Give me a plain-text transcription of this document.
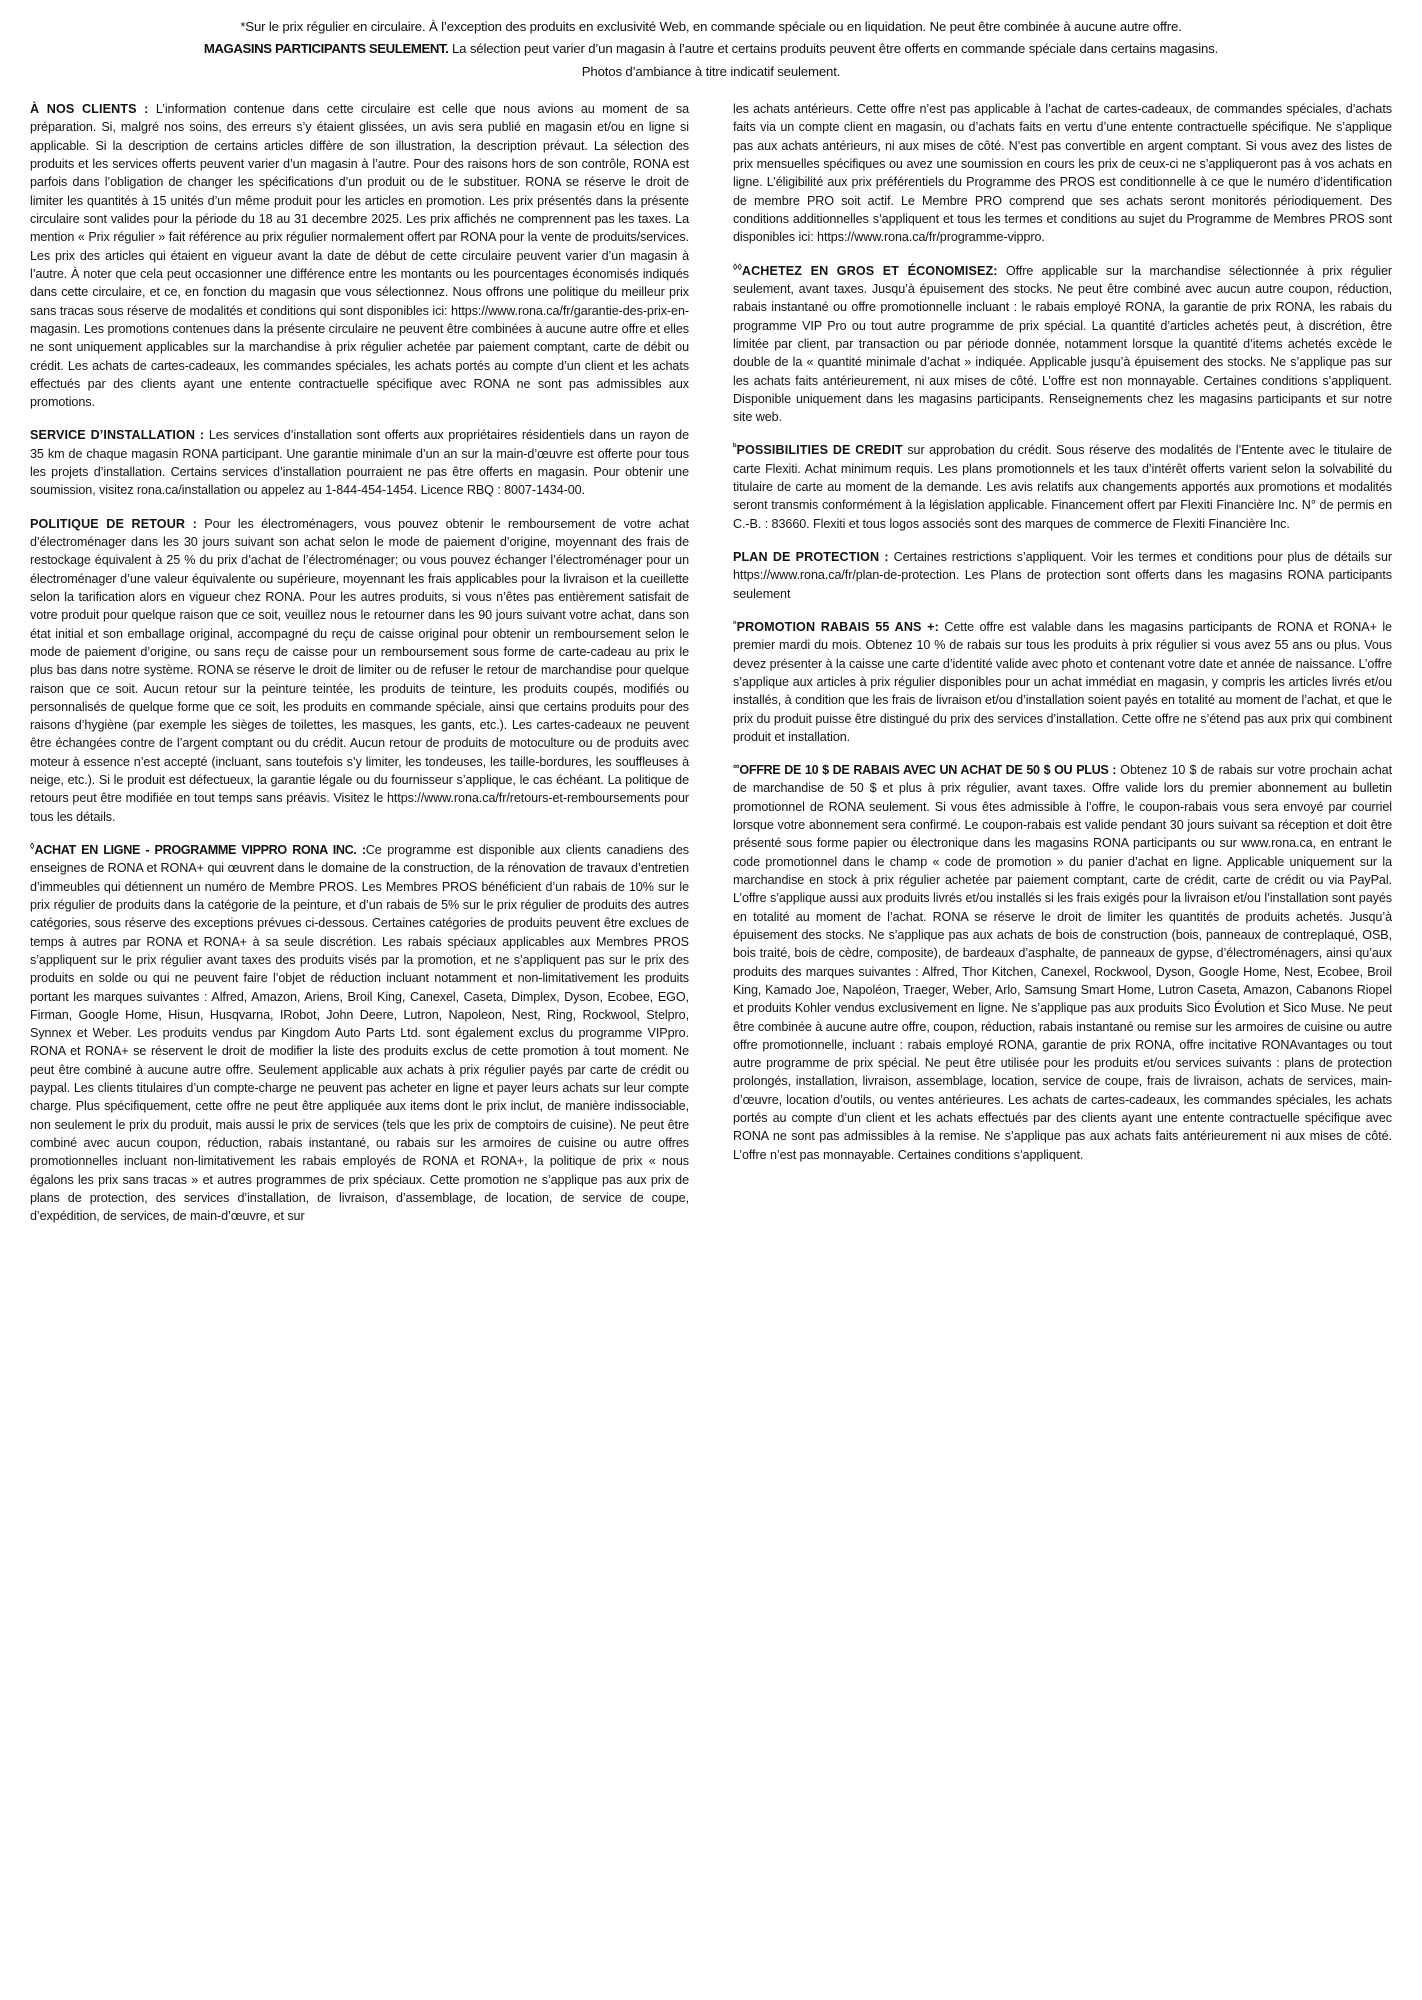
*Sur le prix régulier en circulaire. À l’exception des produits en exclusivité Web, en commande spéciale ou en liquidation. Ne peut être combinée à aucune autre offre.

MAGASINS PARTICIPANTS SEULEMENT. La sélection peut varier d’un magasin à l’autre et certains produits peuvent être offerts en commande spéciale dans certains magasins.

Photos d’ambiance à titre indicatif seulement.

À NOS CLIENTS : L’information contenue dans cette circulaire est celle que nous avions au moment de sa préparation. Si, malgré nos soins, des erreurs s’y étaient glissées, un avis sera publié en magasin et/ou en ligne si applicable. Si la description de certains articles diffère de son illustration, la description prévaut. La sélection des produits et les services offerts peuvent varier d’un magasin à l’autre. Pour des raisons hors de son contrôle, RONA est parfois dans l’obligation de changer les spécifications d’un produit ou de le substituer. RONA se réserve le droit de limiter les quantités à 15 unités d’un même produit pour les articles en promotion. Les prix présentés dans la présente circulaire sont valides pour la période du 18 au 31 decembre 2025. Les prix affichés ne comprennent pas les taxes. La mention « Prix régulier » fait référence au prix régulier normalement offert par RONA pour la vente de produits/services. Les prix des articles qui étaient en vigueur avant la date de début de cette circulaire peuvent varier d’un magasin à l’autre. À noter que cela peut occasionner une différence entre les montants ou les pourcentages économisés indiqués dans cette circulaire, et ce, en fonction du magasin que vous sélectionnez. Nous offrons une politique du meilleur prix sans tracas sous réserve de modalités et conditions qui sont disponibles ici: https://www.rona.ca/fr/garantie-des-prix-en-magasin. Les promotions contenues dans la présente circulaire ne peuvent être combinées à aucune autre offre et elles ne sont uniquement applicables sur la marchandise à prix régulier achetée par paiement comptant, carte de débit ou crédit. Les achats de cartes-cadeaux, les commandes spéciales, les achats portés au compte d’un client et les achats effectués par des clients ayant une entente contractuelle spécifique avec RONA ne sont pas admissibles aux promotions.

SERVICE D’INSTALLATION : Les services d’installation sont offerts aux propriétaires résidentiels dans un rayon de 35 km de chaque magasin RONA participant. Une garantie minimale d’un an sur la main-d’œuvre est offerte pour tous les projets d’installation. Certains services d’installation pourraient ne pas être offerts en magasin. Pour obtenir une soumission, visitez rona.ca/installation ou appelez au 1-844-454-1454. Licence RBQ : 8007-1434-00.

POLITIQUE DE RETOUR : Pour les électroménagers, vous pouvez obtenir le remboursement de votre achat d’électroménager dans les 30 jours suivant son achat selon le mode de paiement d’origine, moyennant des frais de restockage équivalent à 25 % du prix d’achat de l’électroménager; ou vous pouvez échanger l’électroménager pour un électroménager d’une valeur équivalente ou supérieure, moyennant les frais applicables pour la livraison et la cueillette selon la tarification alors en vigueur chez RONA. Pour les autres produits, si vous n’êtes pas entièrement satisfait de votre produit pour quelque raison que ce soit, veuillez nous le retourner dans les 90 jours suivant votre achat, dans son état initial et son emballage original, accompagné du reçu de caisse original pour obtenir un remboursement selon le mode de paiement d’origine, ou sans reçu de caisse pour un remboursement sous forme de carte-cadeau au prix le plus bas dans notre système. RONA se réserve le droit de limiter ou de refuser le retour de marchandise pour quelque raison que ce soit. Aucun retour sur la peinture teintée, les produits de teinture, les produits coupés, modifiés ou personnalisés de quelque forme que ce soit, les produits en commande spéciale, ainsi que certains produits pour des raisons d’hygiène (par exemple les sièges de toilettes, les masques, les gants, etc.). Les cartes-cadeaux ne peuvent être échangées contre de l’argent comptant ou du crédit. Aucun retour de produits de motoculture ou de produits avec moteur à essence n’est accepté (incluant, sans toutefois s’y limiter, les tondeuses, les taille-bordures, les souffleuses à neige, etc.). Si le produit est défectueux, la garantie légale ou du fournisseur s’applique, le cas échéant. La politique de retours peut être modifiée en tout temps sans préavis. Visitez le https://www.rona.ca/fr/retours-et-remboursements pour tous les détails.

◊ACHAT EN LIGNE - PROGRAMME VIPPRO RONA INC. :Ce programme est disponible aux clients canadiens des enseignes de RONA et RONA+ qui œuvrent dans le domaine de la construction, de la rénovation de travaux d’entretien d’immeubles qui détiennent un numéro de Membre PROS. Les Membres PROS bénéficient d’un rabais de 10% sur le prix régulier de produits dans la catégorie de la peinture, et d’un rabais de 5% sur le prix régulier de produits des autres catégories, sous réserve des exceptions prévues ci-dessous. Certaines catégories de produits peuvent être exclues de temps à autres par RONA et RONA+ à sa seule discrétion. Les rabais spéciaux applicables aux Membres PROS s’appliquent sur le prix régulier avant taxes des produits visés par la promotion, et ne s’appliquent pas sur le prix des produits en solde ou qui ne peuvent faire l’objet de réduction incluant notamment et non-limitativement les produits portant les marques suivantes : Alfred, Amazon, Ariens, Broil King, Canexel, Caseta, Dimplex, Dyson, Ecobee, EGO, Firman, Google Home, Hisun, Husqvarna, IRobot, John Deere, Lutron, Napoleon, Nest, Ring, Rockwool, Stelpro, Synnex et Weber. Les produits vendus par Kingdom Auto Parts Ltd. sont également exclus du programme VIPpro. RONA et RONA+ se réservent le droit de modifier la liste des produits exclus de cette promotion à tout moment. Ne peut être combiné à aucune autre offre. Seulement applicable aux achats à prix régulier payés par carte de crédit ou paypal. Les clients titulaires d’un compte-charge ne peuvent pas acheter en ligne et payer leurs achats sur leur compte charge. Plus spécifiquement, cette offre ne peut être appliquée aux items dont le prix inclut, de manière indissociable, non seulement le prix du produit, mais aussi le prix de services (tels que les prix de comptoirs de cuisine). Ne peut être combiné avec aucun coupon, réduction, rabais instantané, ou rabais sur les armoires de cuisine ou autre offres promotionnelles incluant non-limitativement les rabais employés de RONA et RONA+, la politique de prix « nous égalons les prix sans tracas » et autres programmes de prix spéciaux. Cette promotion ne s’applique pas aux prix de plans de protection, des services d’installation, de livraison, d’assemblage, de location, de service de coupe, d’expédition, de services, de main-d’œuvre, et sur

les achats antérieurs. Cette offre n’est pas applicable à l’achat de cartes-cadeaux, de commandes spéciales, d’achats faits via un compte client en magasin, ou d’achats faits en vertu d’une entente contractuelle spécifique. Ne s’applique pas aux achats antérieurs, ni aux mises de côté. N’est pas convertible en argent comptant. Si vous avez des listes de prix mensuelles spécifiques ou avez une soumission en cours les prix de ceux-ci ne s’appliqueront pas à vos achats en ligne. L’éligibilité aux prix préférentiels du Programme des PROS est conditionnelle à ce que le numéro d’identification de membre PRO soit actif. Le Membre PRO comprend que ses achats seront monitorés périodiquement. Des conditions additionnelles s’appliquent et tous les termes et conditions au sujet du Programme de Membres PROS sont disponibles ici: https://www.rona.ca/fr/programme-vippro.

◊◊ACHETEZ EN GROS ET ÉCONOMISEZ: Offre applicable sur la marchandise sélectionnée à prix régulier seulement, avant taxes. Jusqu’à épuisement des stocks. Ne peut être combiné avec aucun autre coupon, réduction, rabais instantané ou offre promotionnelle incluant : le rabais employé RONA, la garantie de prix RONA, les rabais du programme VIP Pro ou tout autre programme de prix spécial. La quantité d’articles achetés peut, à discrétion, être limitée par client, par transaction ou par période donnée, notamment lorsque la quantité d’items achetés excède le double de la « quantité minimale d’achat » indiquée. Applicable jusqu’à épuisement des stocks. Ne s’applique pas sur les achats faits antérieurement, ni aux mises de côté. L’offre est non monnayable. Certaines conditions s’appliquent. Disponible uniquement dans les magasins participants. Renseignements chez les magasins participants et sur notre site web.

$^ᵇ$POSSIBILITIES DE CREDIT sur approbation du crédit. Sous réserve des modalités de l’Entente avec le titulaire de carte Flexiti. Achat minimum requis. Les plans promotionnels et les taux d’intérêt offerts varient selon la solvabilité du titulaire de carte au moment de la demande. Les avis relatifs aux changements apportés aux promotions et modalités seront transmis conformément à la législation applicable. Financement offert par Flexiti Financière Inc. N° de permis en C.-B. : 83660. Flexiti et tous logos associés sont des marques de commerce de Flexiti Financière Inc.

PLAN DE PROTECTION : Certaines restrictions s’appliquent. Voir les termes et conditions pour plus de détails sur https://www.rona.ca/fr/plan-de-protection. Les Plans de protection sont offerts dans les magasins RONA participants seulement

$^{^n}$PROMOTION RABAIS 55 ANS +: Cette offre est valable dans les magasins participants de RONA et RONA+ le premier mardi du mois. Obtenez 10 % de rabais sur tous les produits à prix régulier si vous avez 55 ans ou plus. Vous devez présenter à la caisse une carte d’identité valide avec photo et contenant votre date et année de naissance. L’offre s’applique aux articles à prix régulier disponibles pour un achat immédiat en magasin, y compris les articles livrés et/ou installés, à condition que les frais de livraison et/ou d’installation soient payés en totalité au moment de l’achat, et que le prix du produit puisse être distingué du prix des services d’installation. Cette offre ne s’étend pas aux prix qui combinent produit et installation.

∞OFFRE DE 10 $ DE RABAIS AVEC UN ACHAT DE 50 $ OU PLUS : Obtenez 10 $ de rabais sur votre prochain achat de marchandise de 50 $ et plus à prix régulier, avant taxes. Offre valide lors du premier abonnement au bulletin promotionnel de RONA seulement. Si vous êtes admissible à l’offre, le coupon-rabais vous sera envoyé par courriel lorsque votre abonnement sera confirmé. Le coupon-rabais est valide pendant 30 jours suivant sa réception et doit être présenté sous forme papier ou électronique dans les magasins RONA participants ou sur www.rona.ca, en entrant le code promotionnel dans le champ « code de promotion » du panier d’achat en ligne. Applicable uniquement sur la marchandise en stock à prix régulier achetée par paiement comptant, carte de crédit, carte de crédit ou via PayPal. L’offre s’applique aussi aux produits livrés et/ou installés si les frais exigés pour la livraison et/ou l’installation sont payés en totalité au moment de l’achat. RONA se réserve le droit de limiter les quantités de produits achetés. Jusqu’à épuisement des stocks. Ne s’applique pas aux achats de bois de construction (bois, panneaux de contreplaqué, OSB, bois traité, bois de cèdre, composite), de bardeaux d’asphalte, de panneaux de gypse, d’électroménagers, ainsi qu’aux produits des marques suivantes : Alfred, Thor Kitchen, Canexel, Rockwool, Dyson, Google Home, Nest, Ecobee, Broil King, Kamado Joe, Napoléon, Traeger, Weber, Arlo, Samsung Smart Home, Lutron Caseta, Amazon, Cabanons Riopel et produits Kohler vendus exclusivement en ligne. Ne s’applique pas aux produits Sico Évolution et Sico Muse. Ne peut être combinée à aucune autre offre, coupon, réduction, rabais instantané ou remise sur les armoires de cuisine ou autre offre promotionnelle, incluant : rabais employé RONA, garantie de prix RONA, offre incitative RONAvantages ou tout autre programme de prix spécial. Ne peut être utilisée pour les produits et/ou services suivants : plans de protection prolongés, installation, livraison, assemblage, location, service de coupe, frais de livraison, achats de services, main-d’œuvre, location d’outils, ou ventes antérieures. Les achats de cartes-cadeaux, les commandes spéciales, les achats portés au compte d’un client et les achats effectués par des clients ayant une entente contractuelle spécifique avec RONA ne sont pas admissibles à la remise. Ne s’applique pas aux achats faits antérieurement ni aux mises de côté. L’offre n’est pas monnayable. Certaines conditions s’appliquent.
